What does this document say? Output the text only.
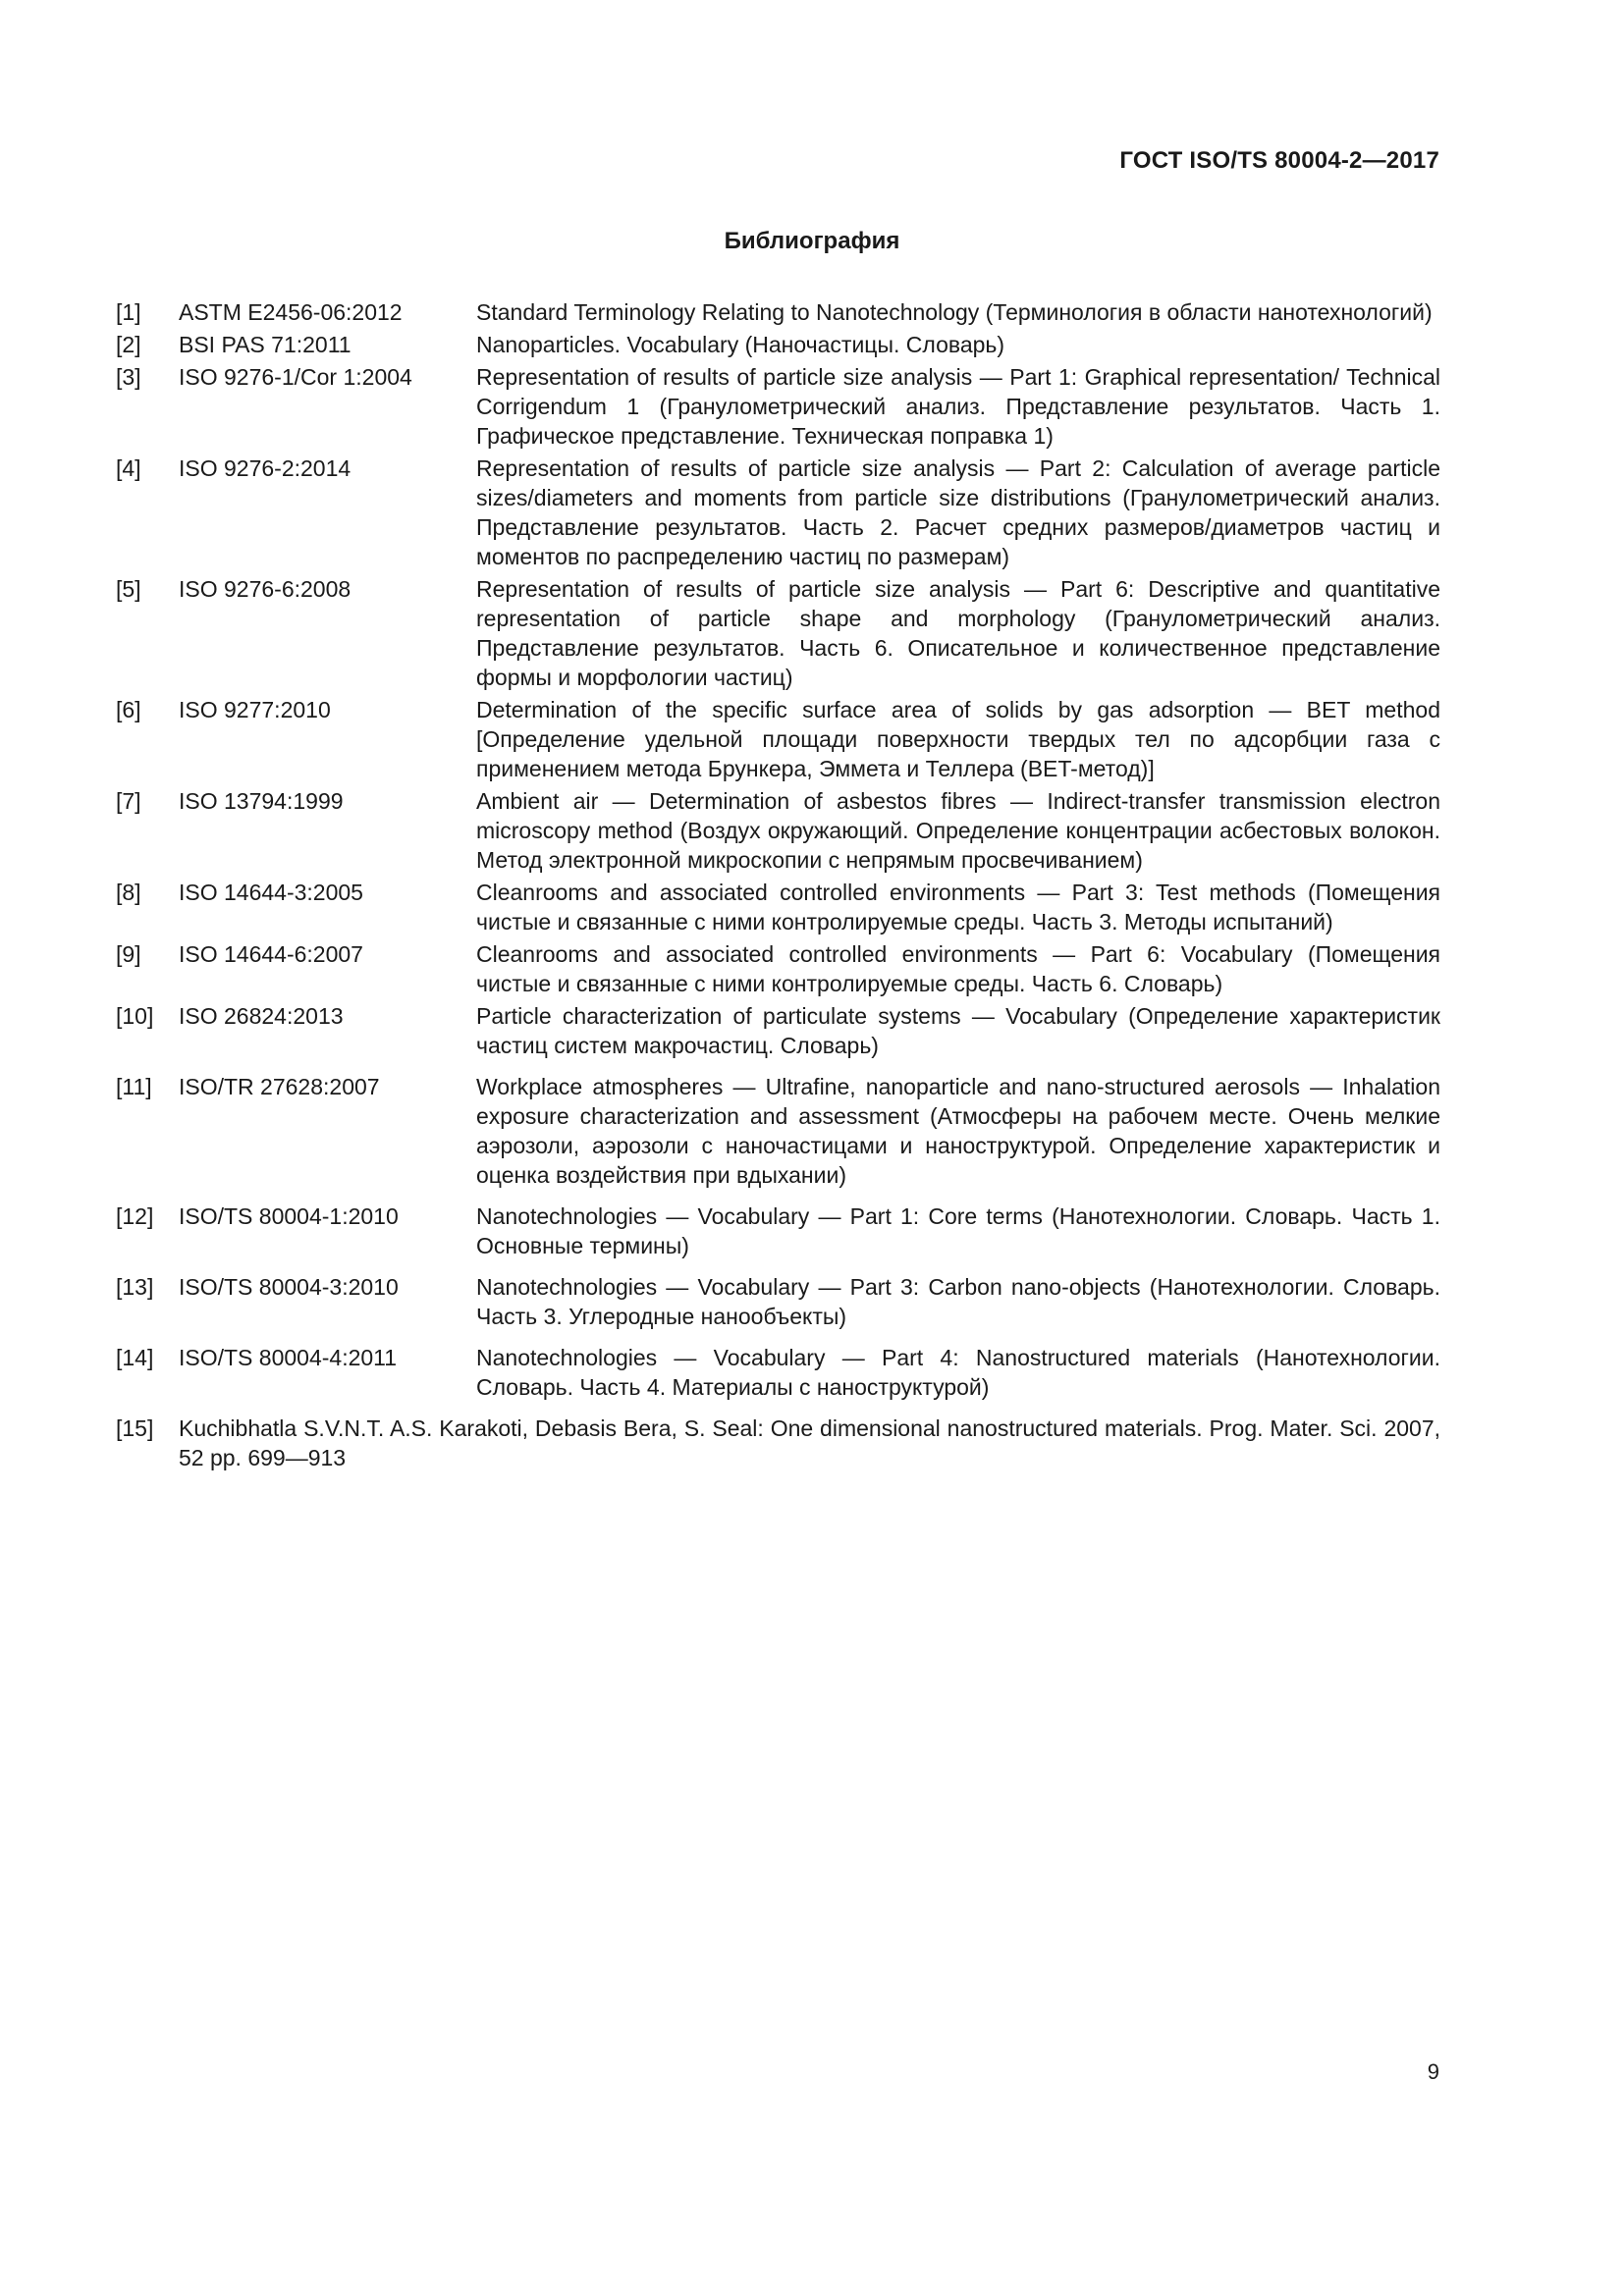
ГОСТ ISO/TS 80004-2—2017
Библиография
[1]	ASTM E2456-06:2012	Standard Terminology Relating to Nanotechnology (Терминология в области нанотехнологий)
[2]	BSI PAS 71:2011	Nanoparticles. Vocabulary (Наночастицы. Словарь)
[3]	ISO 9276-1/Cor 1:2004	Representation of results of particle size analysis — Part 1: Graphical representation/ Technical Corrigendum 1 (Гранулометрический анализ. Представление результатов. Часть 1. Графическое представление. Техническая поправка 1)
[4]	ISO 9276-2:2014	Representation of results of particle size analysis — Part 2: Calculation of average particle sizes/diameters and moments from particle size distributions (Гранулометрический анализ. Представление результатов. Часть 2. Расчет средних размеров/диаметров частиц и моментов по распределению частиц по размерам)
[5]	ISO 9276-6:2008	Representation of results of particle size analysis — Part 6: Descriptive and quantitative representation of particle shape and morphology (Гранулометрический анализ. Представление результатов. Часть 6. Описательное и количественное представление формы и морфологии частиц)
[6]	ISO 9277:2010	Determination of the specific surface area of solids by gas adsorption — BET method [Определение удельной площади поверхности твердых тел по адсорбции газа с применением метода Брункера, Эммета и Теллера (BET-метод)]
[7]	ISO 13794:1999	Ambient air — Determination of asbestos fibres — Indirect-transfer transmission electron microscopy method (Воздух окружающий. Определение концентрации асбестовых волокон. Метод электронной микроскопии с непрямым просвечиванием)
[8]	ISO 14644-3:2005	Cleanrooms and associated controlled environments — Part 3: Test methods (Помещения чистые и связанные с ними контролируемые среды. Часть 3. Методы испытаний)
[9]	ISO 14644-6:2007	Cleanrooms and associated controlled environments — Part 6: Vocabulary (Помещения чистые и связанные с ними контролируемые среды. Часть 6. Словарь)
[10]	ISO 26824:2013	Particle characterization of particulate systems — Vocabulary (Определение характеристик частиц систем макрочастиц. Словарь)
[11]	ISO/TR 27628:2007	Workplace atmospheres — Ultrafine, nanoparticle and nano-structured aerosols — Inhalation exposure characterization and assessment (Атмосферы на рабочем месте. Очень мелкие аэрозоли, аэрозоли с наночастицами и наноструктурой. Определение характеристик и оценка воздействия при вдыхании)
[12]	ISO/TS 80004-1:2010	Nanotechnologies — Vocabulary — Part 1: Core terms (Нанотехнологии. Словарь. Часть 1. Основные термины)
[13]	ISO/TS 80004-3:2010	Nanotechnologies — Vocabulary — Part 3: Carbon nano-objects (Нанотехнологии. Словарь. Часть 3. Углеродные нанообъекты)
[14]	ISO/TS 80004-4:2011	Nanotechnologies — Vocabulary — Part 4: Nanostructured materials (Нанотехнологии. Словарь. Часть 4. Материалы с наноструктурой)
[15]	Kuchibhatla S.V.N.T. A.S. Karakoti, Debasis Bera, S. Seal: One dimensional nanostructured materials. Prog. Mater. Sci. 2007, 52 pp. 699—913
9
